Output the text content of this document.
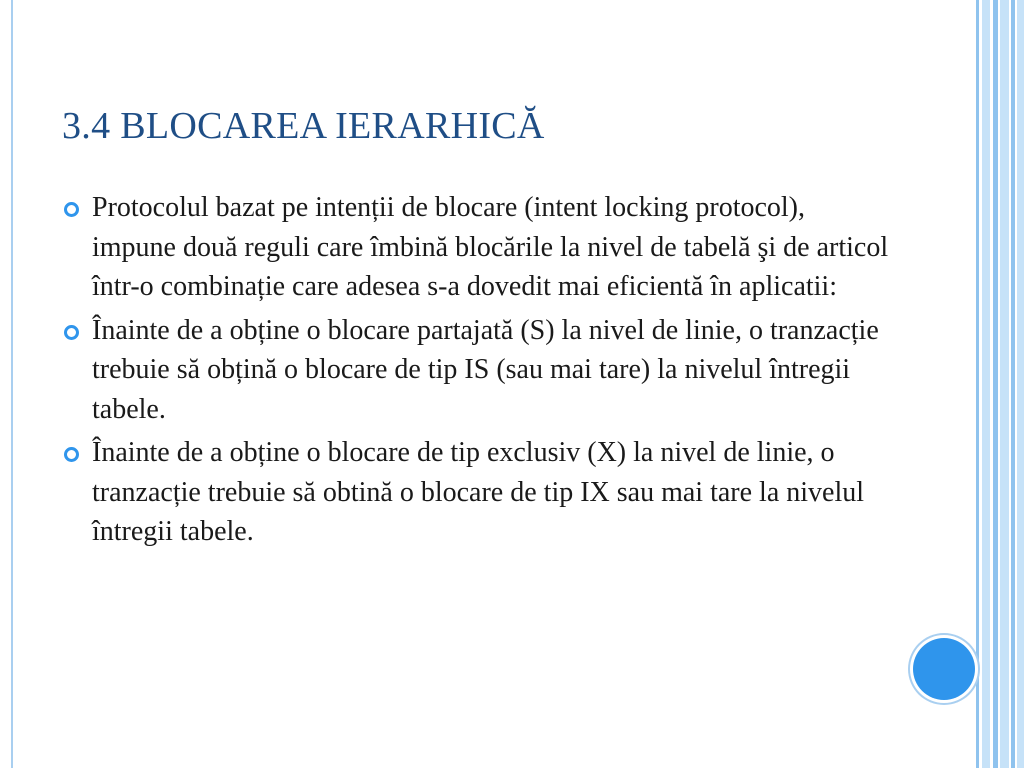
3.4 BLOCAREA IERARHICĂ
Protocolul bazat pe intenții de blocare (intent locking protocol), impune două reguli care îmbină blocările la nivel de tabelă şi de articol într-o combinație care adesea s-a dovedit mai eficientă în aplicatii:
Înainte de a obține o blocare partajată (S) la nivel de linie, o tranzacție trebuie să obțină o blocare de tip IS (sau mai tare) la nivelul întregii tabele.
Înainte de a obține o blocare de tip exclusiv (X) la nivel de linie, o tranzacție trebuie să obtină o blocare de tip IX sau mai tare la nivelul întregii tabele.
